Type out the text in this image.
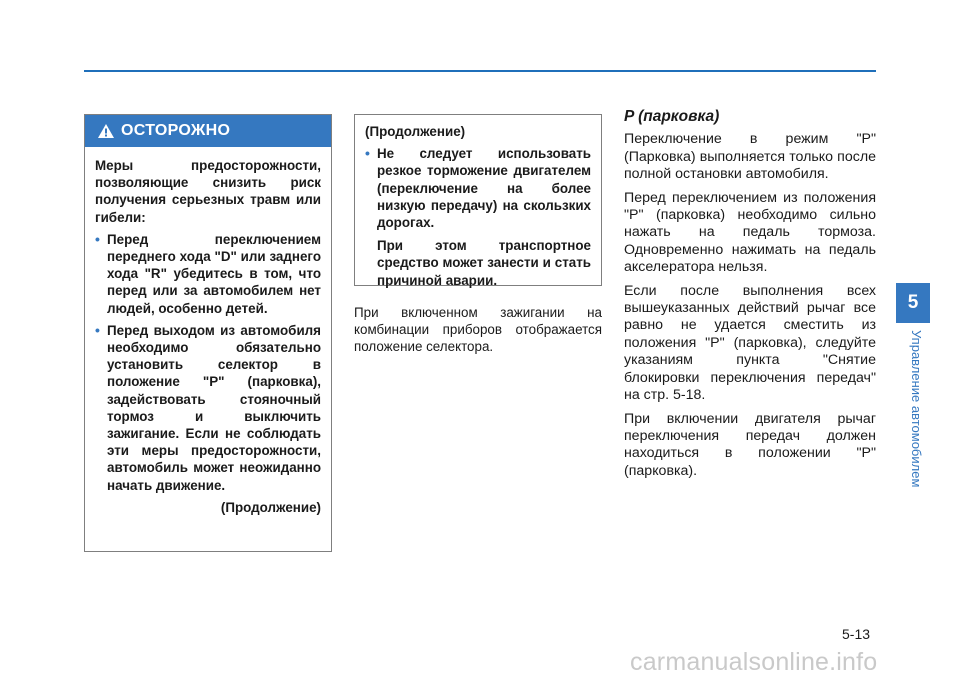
ОСТОРОЖНО
Меры предосторожности, позволяющие снизить риск получения серьезных травм или гибели:
• Перед переключением переднего хода "D" или заднего хода "R" убедитесь в том, что перед или за автомобилем нет людей, особенно детей.
• Перед выходом из автомобиля необходимо обязательно установить селектор в положение "P" (парковка), задействовать стояночный тормоз и выключить зажигание. Если не соблюдать эти меры предосторожности, автомобиль может неожиданно начать движение.
(Продолжение)
(Продолжение)
• Не следует использовать резкое торможение двигателем (переключение на более низкую передачу) на скользких дорогах.
При этом транспортное средство может занести и стать причиной аварии.
При включенном зажигании на комбинации приборов отображается положение селектора.
P (парковка)

Переключение в режим "P" (Парковка) выполняется только после полной остановки автомобиля.

Перед переключением из положения "P" (парковка) необходимо сильно нажать на педаль тормоза. Одновременно нажимать на педаль акселератора нельзя.

Если после выполнения всех вышеуказанных действий рычаг все равно не удается сместить из положения "P" (парковка), следуйте указаниям пункта "Снятие блокировки переключения передач" на стр. 5-18.

При включении двигателя рычаг переключения передач должен находиться в положении "P" (парковка).

5
Управление автомобилем
5-13
carmanualsonline.info
